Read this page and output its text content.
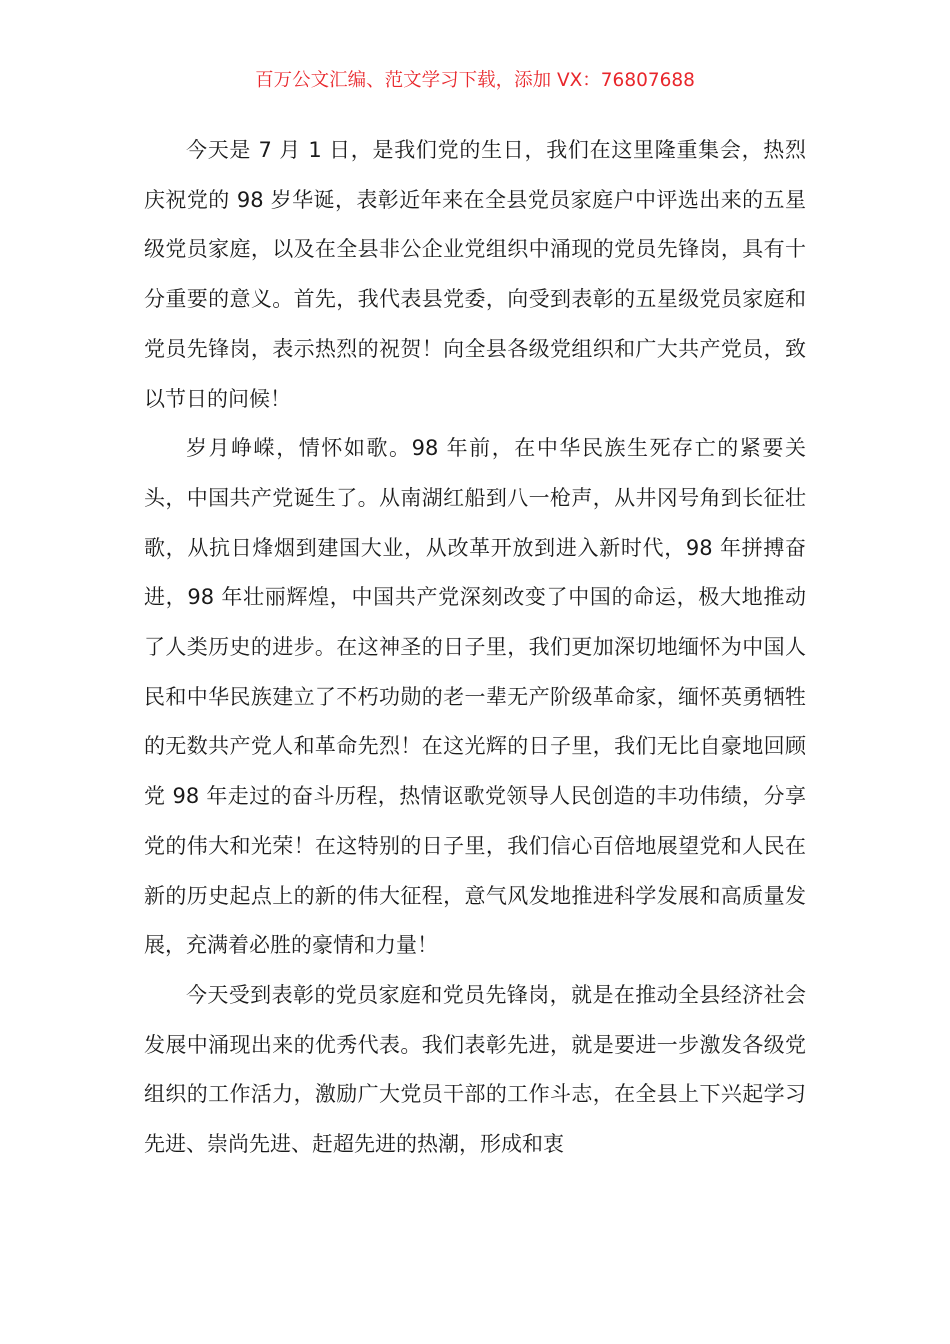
百万公文汇编、范文学习下载，添加 VX：76807688

今天是 7 月 1 日，是我们党的生日，我们在这里隆重集会，热烈庆祝党的 98 岁华诞，表彰近年来在全县党员家庭户中评选出来的五星级党员家庭，以及在全县非公企业党组织中涌现的党员先锋岗，具有十分重要的意义。首先，我代表县党委，向受到表彰的五星级党员家庭和党员先锋岗，表示热烈的祝贺！向全县各级党组织和广大共产党员，致以节日的问候！

岁月峥嵘，情怀如歌。98 年前，在中华民族生死存亡的紧要关头，中国共产党诞生了。从南湖红船到八一枪声，从井冈号角到长征壮歌，从抗日烽烟到建国大业，从改革开放到进入新时代，98 年拼搏奋进，98 年壮丽辉煌，中国共产党深刻改变了中国的命运，极大地推动了人类历史的进步。在这神圣的日子里，我们更加深切地缅怀为中国人民和中华民族建立了不朽功勋的老一辈无产阶级革命家，缅怀英勇牺牲的无数共产党人和革命先烈！在这光辉的日子里，我们无比自豪地回顾党 98 年走过的奋斗历程，热情讴歌党领导人民创造的丰功伟绩，分享党的伟大和光荣！在这特别的日子里，我们信心百倍地展望党和人民在新的历史起点上的新的伟大征程，意气风发地推进科学发展和高质量发展，充满着必胜的豪情和力量！

今天受到表彰的党员家庭和党员先锋岗，就是在推动全县经济社会发展中涌现出来的优秀代表。我们表彰先进，就是要进一步激发各级党组织的工作活力，激励广大党员干部的工作斗志，在全县上下兴起学习先进、崇尚先进、赶超先进的热潮，形成和衷
